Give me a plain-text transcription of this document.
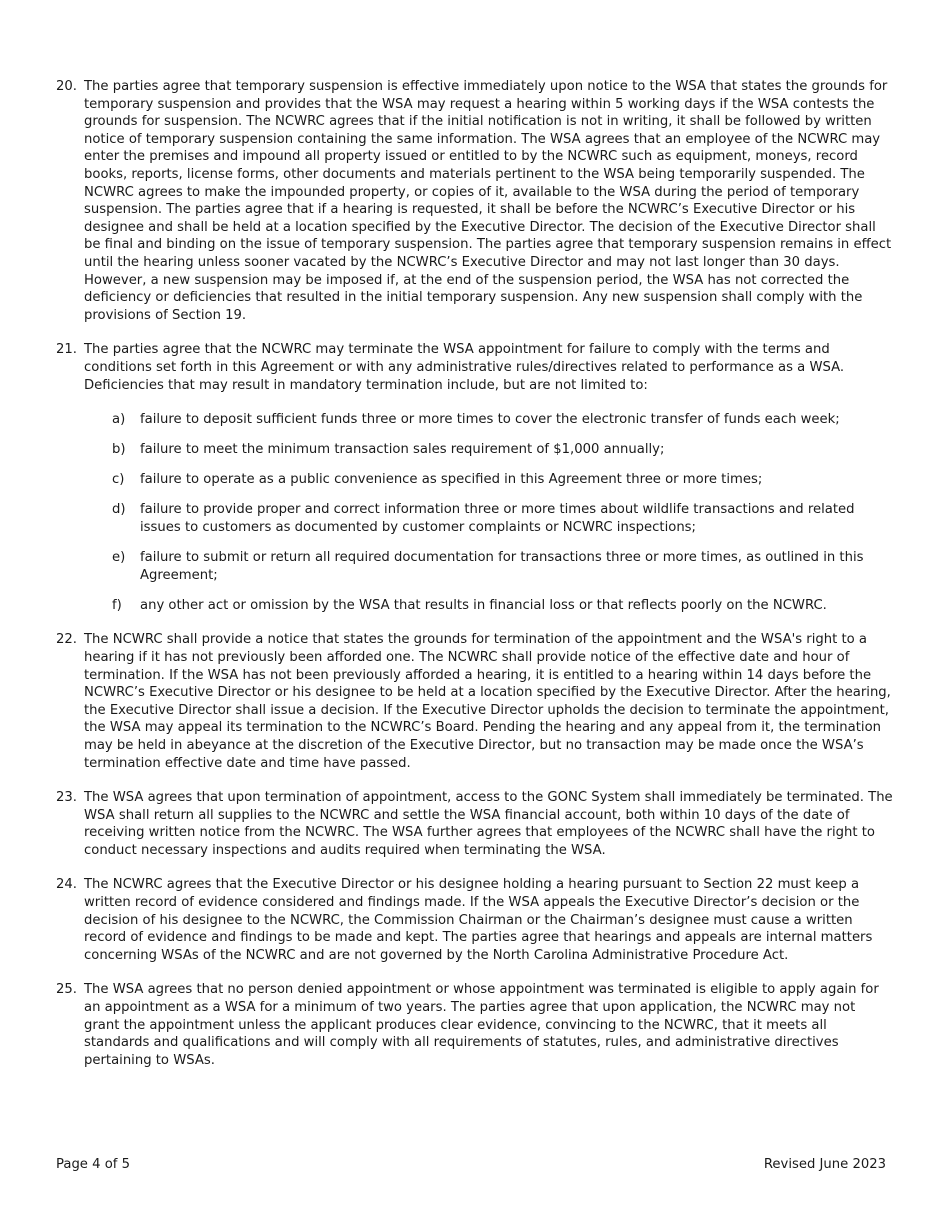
20. The parties agree that temporary suspension is effective immediately upon notice to the WSA that states the grounds for temporary suspension and provides that the WSA may request a hearing within 5 working days if the WSA contests the grounds for suspension. The NCWRC agrees that if the initial notification is not in writing, it shall be followed by written notice of temporary suspension containing the same information. The WSA agrees that an employee of the NCWRC may enter the premises and impound all property issued or entitled to by the NCWRC such as equipment, moneys, record books, reports, license forms, other documents and materials pertinent to the WSA being temporarily suspended. The NCWRC agrees to make the impounded property, or copies of it, available to the WSA during the period of temporary suspension. The parties agree that if a hearing is requested, it shall be before the NCWRC’s Executive Director or his designee and shall be held at a location specified by the Executive Director. The decision of the Executive Director shall be final and binding on the issue of temporary suspension. The parties agree that temporary suspension remains in effect until the hearing unless sooner vacated by the NCWRC’s Executive Director and may not last longer than 30 days. However, a new suspension may be imposed if, at the end of the suspension period, the WSA has not corrected the deficiency or deficiencies that resulted in the initial temporary suspension. Any new suspension shall comply with the provisions of Section 19.
21. The parties agree that the NCWRC may terminate the WSA appointment for failure to comply with the terms and conditions set forth in this Agreement or with any administrative rules/directives related to performance as a WSA. Deficiencies that may result in mandatory termination include, but are not limited to:
a)	failure to deposit sufficient funds three or more times to cover the electronic transfer of funds each week;
b)	failure to meet the minimum transaction sales requirement of $1,000 annually;
c)	failure to operate as a public convenience as specified in this Agreement three or more times;
d)	failure to provide proper and correct information three or more times about wildlife transactions and related issues to customers as documented by customer complaints or NCWRC inspections;
e)	failure to submit or return all required documentation for transactions three or more times, as outlined in this Agreement;
f)	any other act or omission by the WSA that results in financial loss or that reflects poorly on the NCWRC.
22. The NCWRC shall provide a notice that states the grounds for termination of the appointment and the WSA's right to a hearing if it has not previously been afforded one. The NCWRC shall provide notice of the effective date and hour of termination. If the WSA has not been previously afforded a hearing, it is entitled to a hearing within 14 days before the NCWRC’s Executive Director or his designee to be held at a location specified by the Executive Director. After the hearing, the Executive Director shall issue a decision. If the Executive Director upholds the decision to terminate the appointment, the WSA may appeal its termination to the NCWRC’s Board. Pending the hearing and any appeal from it, the termination may be held in abeyance at the discretion of the Executive Director, but no transaction may be made once the WSA’s termination effective date and time have passed.
23. The WSA agrees that upon termination of appointment, access to the GONC System shall immediately be terminated. The WSA shall return all supplies to the NCWRC and settle the WSA financial account, both within 10 days of the date of receiving written notice from the NCWRC. The WSA further agrees that employees of the NCWRC shall have the right to conduct necessary inspections and audits required when terminating the WSA.
24. The NCWRC agrees that the Executive Director or his designee holding a hearing pursuant to Section 22 must keep a written record of evidence considered and findings made. If the WSA appeals the Executive Director’s decision or the decision of his designee to the NCWRC, the Commission Chairman or the Chairman’s designee must cause a written record of evidence and findings to be made and kept. The parties agree that hearings and appeals are internal matters concerning WSAs of the NCWRC and are not governed by the North Carolina Administrative Procedure Act.
25. The WSA agrees that no person denied appointment or whose appointment was terminated is eligible to apply again for an appointment as a WSA for a minimum of two years. The parties agree that upon application, the NCWRC may not grant the appointment unless the applicant produces clear evidence, convincing to the NCWRC, that it meets all standards and qualifications and will comply with all requirements of statutes, rules, and administrative directives pertaining to WSAs.
Page 4 of 5	Revised June 2023
